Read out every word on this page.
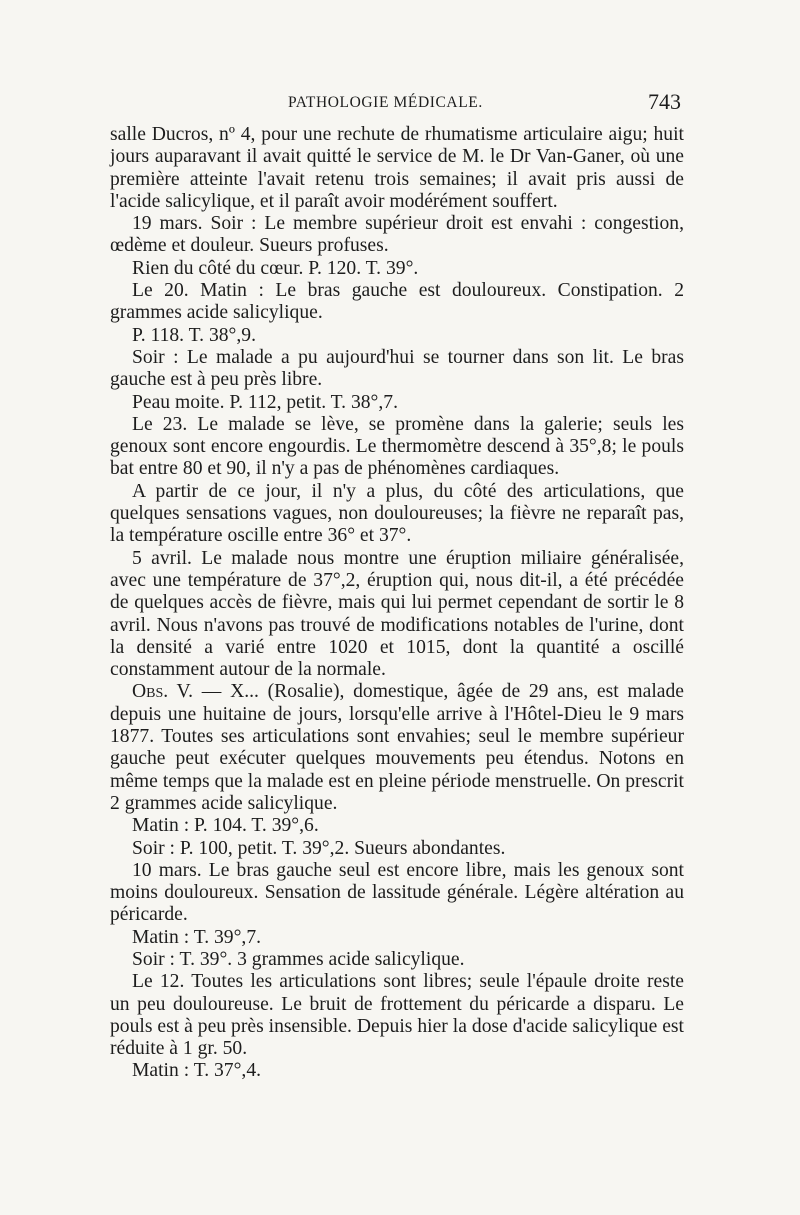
PATHOLOGIE MÉDICALE.	743

salle Ducros, nº 4, pour une rechute de rhumatisme articulaire aigu; huit jours auparavant il avait quitté le service de M. le Dr Van-Ganer, où une première atteinte l'avait retenu trois semaines; il avait pris aussi de l'acide salicylique, et il paraît avoir modérément souffert.

19 mars. Soir : Le membre supérieur droit est envahi : congestion, œdème et douleur. Sueurs profuses.

Rien du côté du cœur. P. 120. T. 39°.

Le 20. Matin : Le bras gauche est douloureux. Constipation. 2 grammes acide salicylique.

P. 118. T. 38°,9.

Soir : Le malade a pu aujourd'hui se tourner dans son lit. Le bras gauche est à peu près libre.

Peau moite. P. 112, petit. T. 38°,7.

Le 23. Le malade se lève, se promène dans la galerie; seuls les genoux sont encore engourdis. Le thermomètre descend à 35°,8; le pouls bat entre 80 et 90, il n'y a pas de phénomènes cardiaques.

A partir de ce jour, il n'y a plus, du côté des articulations, que quelques sensations vagues, non douloureuses; la fièvre ne reparaît pas, la température oscille entre 36° et 37°.

5 avril. Le malade nous montre une éruption miliaire généralisée, avec une température de 37°,2, éruption qui, nous dit-il, a été précédée de quelques accès de fièvre, mais qui lui permet cependant de sortir le 8 avril. Nous n'avons pas trouvé de modifications notables de l'urine, dont la densité a varié entre 1020 et 1015, dont la quantité a oscillé constamment autour de la normale.

Obs. V. — X... (Rosalie), domestique, âgée de 29 ans, est malade depuis une huitaine de jours, lorsqu'elle arrive à l'Hôtel-Dieu le 9 mars 1877. Toutes ses articulations sont envahies; seul le membre supérieur gauche peut exécuter quelques mouvements peu étendus. Notons en même temps que la malade est en pleine période menstruelle. On prescrit 2 grammes acide salicylique.

Matin : P. 104. T. 39°,6.

Soir : P. 100, petit. T. 39°,2. Sueurs abondantes.

10 mars. Le bras gauche seul est encore libre, mais les genoux sont moins douloureux. Sensation de lassitude générale. Légère altération au péricarde.

Matin : T. 39°,7.

Soir : T. 39°. 3 grammes acide salicylique.

Le 12. Toutes les articulations sont libres; seule l'épaule droite reste un peu douloureuse. Le bruit de frottement du péricarde a disparu. Le pouls est à peu près insensible. Depuis hier la dose d'acide salicylique est réduite à 1 gr. 50.

Matin : T. 37°,4.
